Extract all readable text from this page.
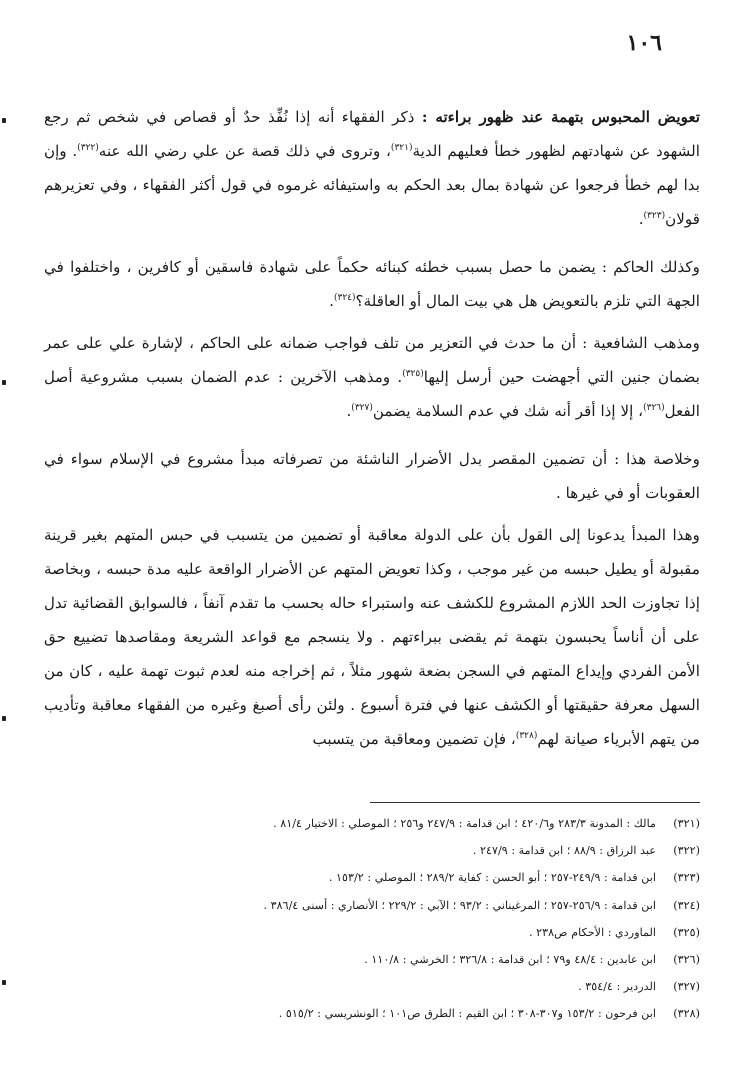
١٠٦

تعويض المحبوس بتهمة عند ظهور براءته : ذكر الفقهاء أنه إذا نُفِّذ حدٌ أو قصاص في شخص ثم رجع الشهود عن شهادتهم لظهور خطأ فعليهم الدية$^{(٣٢١)}$، وتروى في ذلك قصة عن علي رضي الله عنه$^{(٣٢٢)}$. وإن بدا لهم خطأ فرجعوا عن شهادة بمال بعد الحكم به واستيفائه غرموه في قول أكثر الفقهاء ، وفي تعزيرهم قولان$^{(٣٢٣)}$.

وكذلك الحاكم : يضمن ما حصل بسبب خطئه كبنائه حكماً على شهادة فاسقين أو كافرين ، واختلفوا في الجهة التي تلزم بالتعويض هل هي بيت المال أو العاقلة؟$^{(٣٢٤)}$.

ومذهب الشافعية : أن ما حدث في التعزير من تلف فواجب ضمانه على الحاكم ، لإشارة علي على عمر بضمان جنين التي أجهضت حين أرسل إليها$^{(٣٢٥)}$. ومذهب الآخرين : عدم الضمان بسبب مشروعية أصل الفعل$^{(٣٢٦)}$، إلا إذا أقر أنه شك في عدم السلامة يضمن$^{(٣٢٧)}$.

وخلاصة هذا : أن تضمين المقصر بدل الأضرار الناشئة من تصرفاته مبدأ مشروع في الإسلام سواء في العقوبات أو في غيرها .

وهذا المبدأ يدعونا إلى القول بأن على الدولة معاقبة أو تضمين من يتسبب في حبس المتهم بغير قرينة مقبولة أو يطيل حبسه من غير موجب ، وكذا تعويض المتهم عن الأضرار الواقعة عليه مدة حبسه ، وبخاصة إذا تجاوزت الحد اللازم المشروع للكشف عنه واستبراء حاله بحسب ما تقدم آنفاً ، فالسوابق القضائية تدل على أن أناساً يحبسون بتهمة ثم يقضى ببراءتهم . ولا ينسجم مع قواعد الشريعة ومقاصدها تضييع حق الأمن الفردي وإيداع المتهم في السجن بضعة شهور مثلاً ، ثم إخراجه منه لعدم ثبوت تهمة عليه ، كان من السهل معرفة حقيقتها أو الكشف عنها في فترة أسبوع . ولئن رأى أصبغ وغيره من الفقهاء معاقبة وتأديب من يتهم الأبرياء صيانة لهم$^{(٣٢٨)}$، فإن تضمين ومعاقبة من يتسبب

(٣٢١)
مالك : المدونة ٢٨٣/٣ و٤٢٠/٦ ؛ ابن قدامة : ٢٤٧/٩ و٢٥٦ ؛ الموصلي : الاختيار ٨١/٤ .
(٣٢٢)
عبد الرزاق : ٨٨/٩ ؛ ابن قدامة : ٢٤٧/٩ .
(٣٢٣)
ابن قدامة : ٢٤٩/٩-٢٥٧ ؛ أبو الحسن : كفاية ٢٨٩/٢ ؛ الموصلي : ١٥٣/٢ .
(٣٢٤)
ابن قدامة : ٢٥٦/٩-٢٥٧ ؛ المرغيناني : ٩٣/٢ ؛ الآبي : ٢٢٩/٢ ؛ الأنصاري : أسنى ٣٨٦/٤ .
(٣٢٥)
الماوردي : الأحكام ص٢٣٨ .
(٣٢٦)
ابن عابدين : ٤٨/٤ و٧٩ ؛ ابن قدامة : ٣٢٦/٨ ؛ الخرشي : ١١٠/٨ .
(٣٢٧)
الدردير : ٣٥٤/٤ .
(٣٢٨)
ابن فرحون : ١٥٣/٢ و٣٠٧-٣٠٨ ؛ ابن القيم : الطرق ص١٠١ ؛ الونشريسي : ٥١٥/٢ .
